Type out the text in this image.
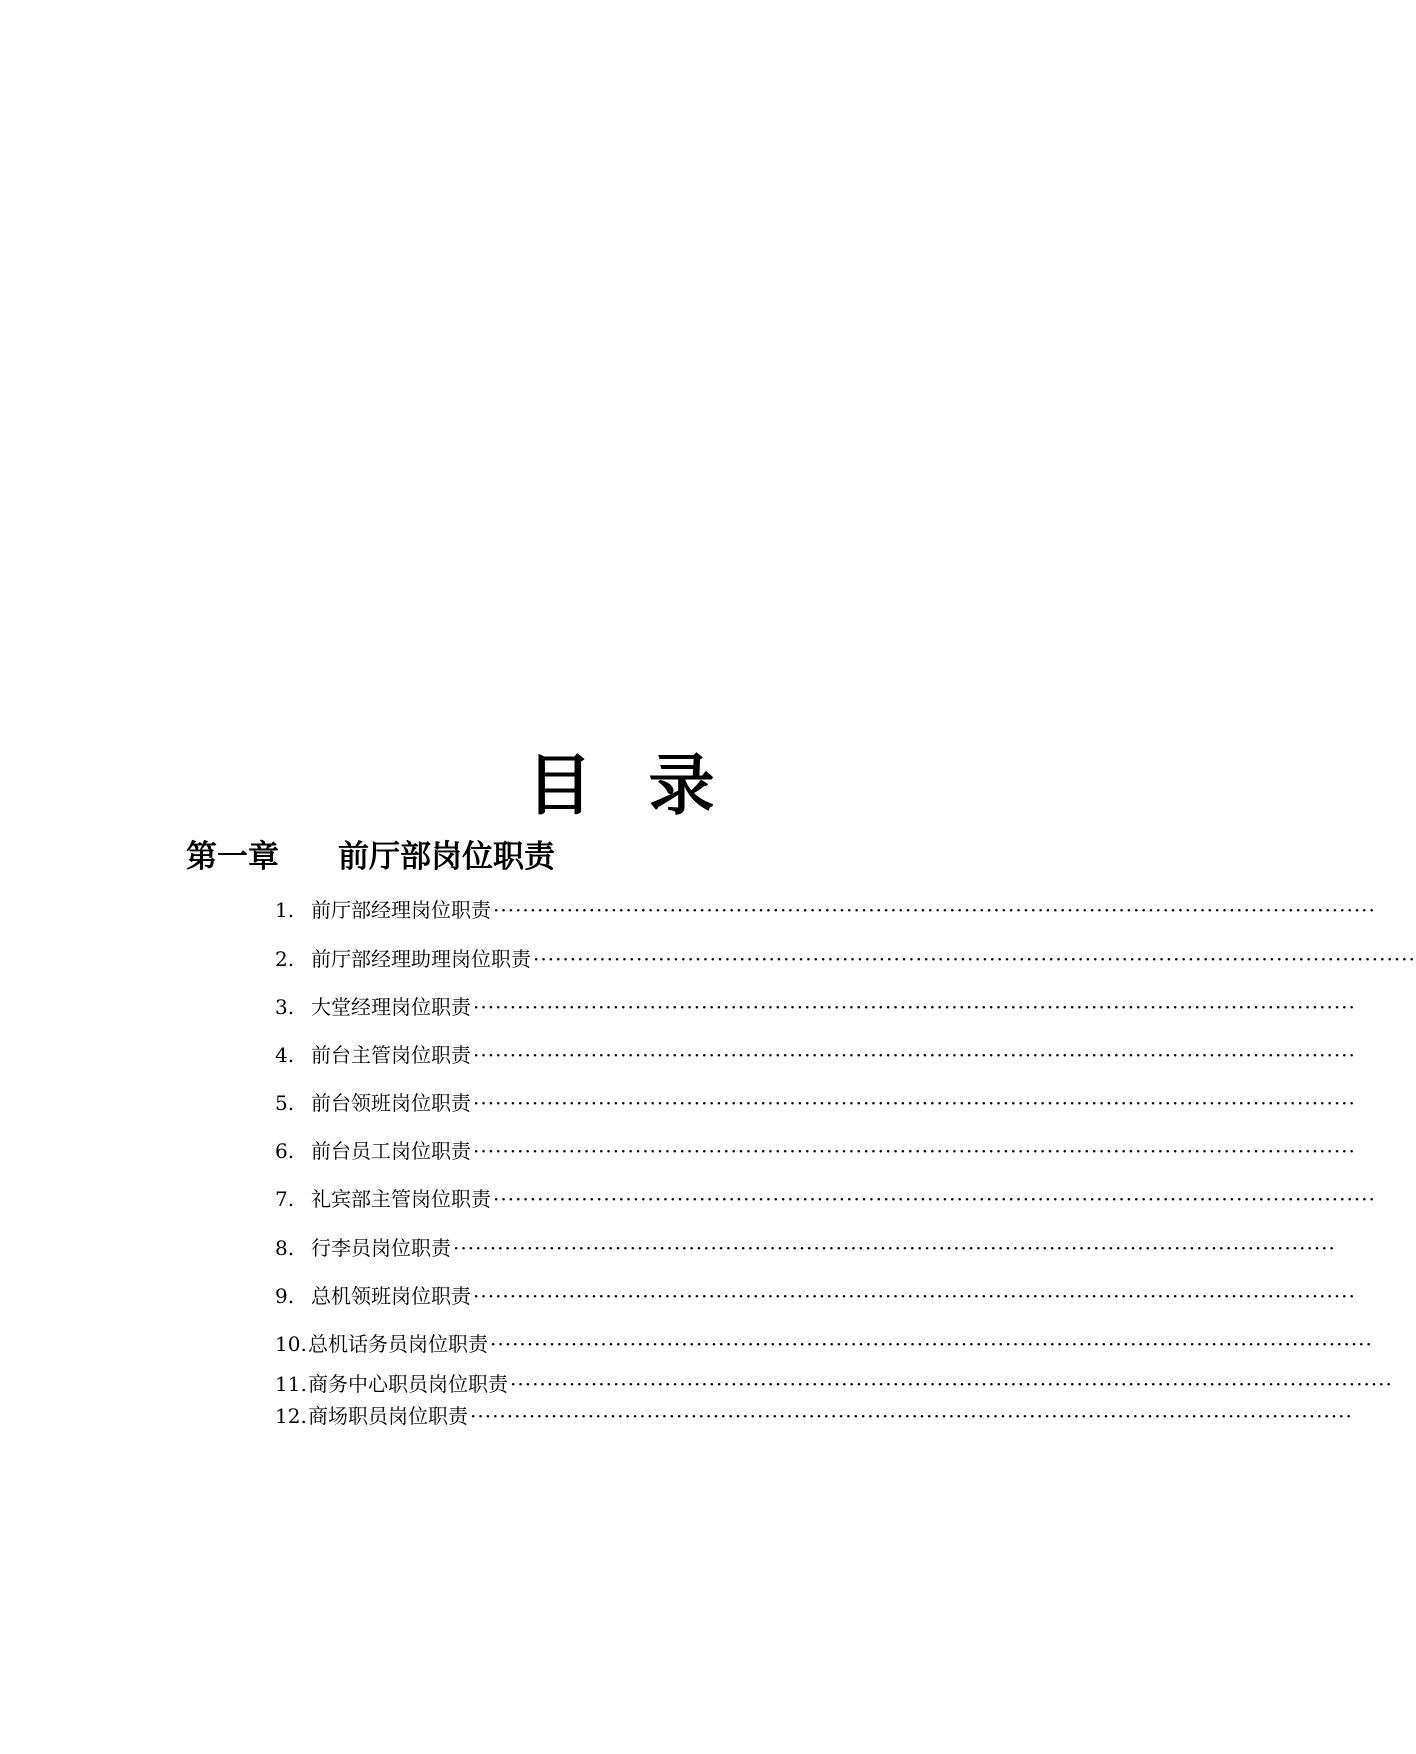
目 录
第一章 前厅部岗位职责
1. 前厅部经理岗位职责 ························································································································
2. 前厅部经理助理岗位职责 ························································································································
3. 大堂经理岗位职责 ························································································································
4. 前台主管岗位职责 ························································································································
5. 前台领班岗位职责 ························································································································
6. 前台员工岗位职责 ························································································································
7. 礼宾部主管岗位职责 ························································································································
8. 行李员岗位职责 ························································································································
9. 总机领班岗位职责 ························································································································
10. 总机话务员岗位职责 ························································································································
11. 商务中心职员岗位职责 ························································································································
12. 商场职员岗位职责 ························································································································
